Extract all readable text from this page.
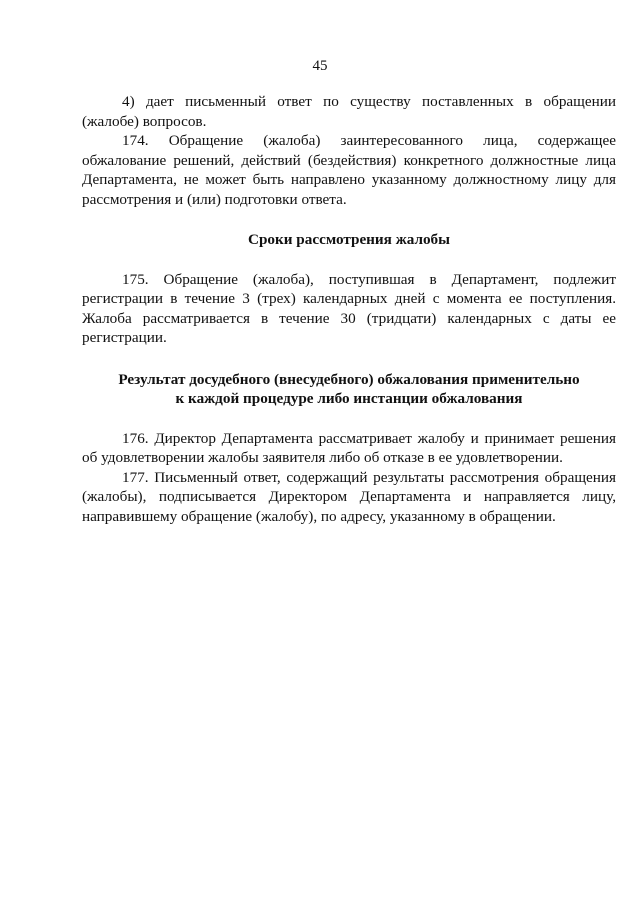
45

4) дает письменный ответ по существу поставленных в обращении (жалобе) вопросов.

174. Обращение (жалоба) заинтересованного лица, содержащее обжалование решений, действий (бездействия) конкретного должностные лица Департамента, не может быть направлено указанному должностному лицу для рассмотрения и (или) подготовки ответа.

Сроки рассмотрения жалобы

175. Обращение (жалоба), поступившая в Департамент, подлежит регистрации в течение 3 (трех) календарных дней с момента ее поступления. Жалоба рассматривается в течение 30 (тридцати) календарных с даты ее регистрации.

Результат досудебного (внесудебного) обжалования применительно
к каждой процедуре либо инстанции обжалования

176. Директор Департамента рассматривает жалобу и принимает решения об удовлетворении жалобы заявителя либо об отказе в ее удовлетворении.

177. Письменный ответ, содержащий результаты рассмотрения обращения (жалобы), подписывается Директором Департамента и направляется лицу, направившему обращение (жалобу), по адресу, указанному в обращении.
